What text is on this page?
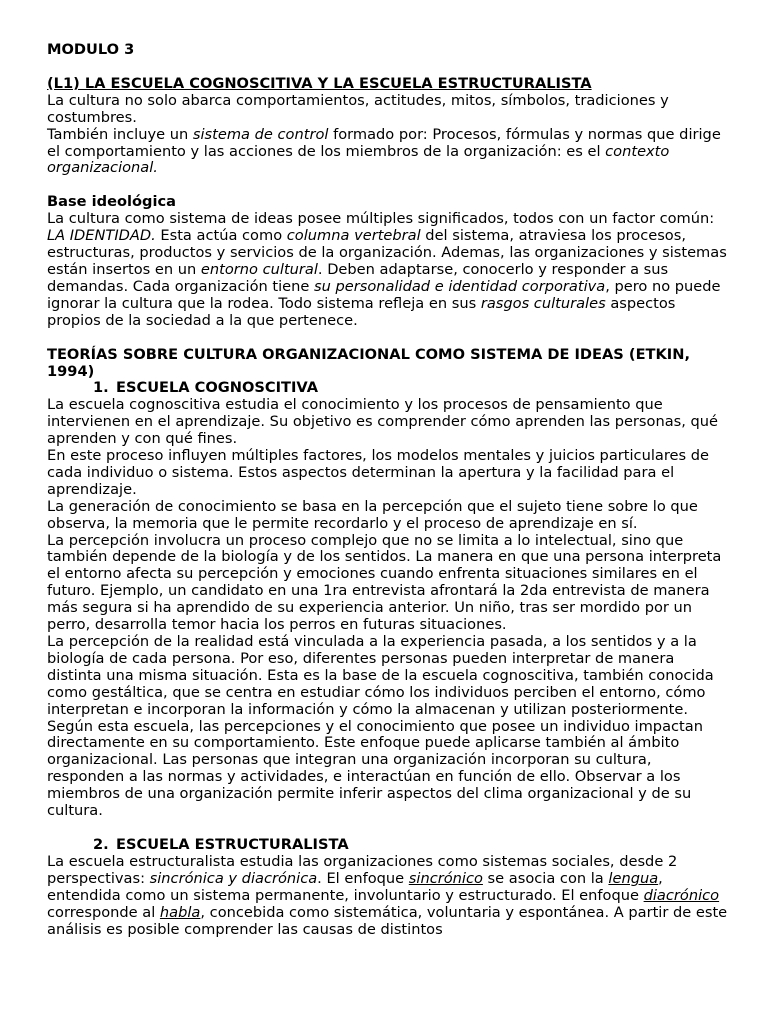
MODULO 3

(L1) LA ESCUELA COGNOSCITIVA Y LA ESCUELA ESTRUCTURALISTA

La cultura no solo abarca comportamientos, actitudes, mitos, símbolos, tradiciones y costumbres.

También incluye un sistema de control formado por: Procesos, fórmulas y normas que dirige el comportamiento y las acciones de los miembros de la organización: es el contexto organizacional.

Base ideológica

La cultura como sistema de ideas posee múltiples significados, todos con un factor común: LA IDENTIDAD. Esta actúa como columna vertebral del sistema, atraviesa los procesos, estructuras, productos y servicios de la organización. Ademas, las organizaciones y sistemas están insertos en un entorno cultural. Deben adaptarse, conocerlo y responder a sus demandas. Cada organización tiene su personalidad e identidad corporativa, pero no puede ignorar la cultura que la rodea. Todo sistema refleja en sus rasgos culturales aspectos propios de la sociedad a la que pertenece.

TEORÍAS SOBRE CULTURA ORGANIZACIONAL COMO SISTEMA DE IDEAS (ETKIN, 1994)

1. ESCUELA COGNOSCITIVA

La escuela cognoscitiva estudia el conocimiento y los procesos de pensamiento que intervienen en el aprendizaje. Su objetivo es comprender cómo aprenden las personas, qué aprenden y con qué fines.

En este proceso influyen múltiples factores, los modelos mentales y juicios particulares de cada individuo o sistema. Estos aspectos determinan la apertura y la facilidad para el aprendizaje.

La generación de conocimiento se basa en la percepción que el sujeto tiene sobre lo que observa, la memoria que le permite recordarlo y el proceso de aprendizaje en sí.

La percepción involucra un proceso complejo que no se limita a lo intelectual, sino que también depende de la biología y de los sentidos. La manera en que una persona interpreta el entorno afecta su percepción y emociones cuando enfrenta situaciones similares en el futuro. Ejemplo, un candidato en una 1ra entrevista afrontará la 2da entrevista de manera más segura si ha aprendido de su experiencia anterior. Un niño, tras ser mordido por un perro, desarrolla temor hacia los perros en futuras situaciones.

La percepción de la realidad está vinculada a la experiencia pasada, a los sentidos y a la biología de cada persona. Por eso, diferentes personas pueden interpretar de manera distinta una misma situación. Esta es la base de la escuela cognoscitiva, también conocida como gestáltica, que se centra en estudiar cómo los individuos perciben el entorno, cómo interpretan e incorporan la información y cómo la almacenan y utilizan posteriormente. Según esta escuela, las percepciones y el conocimiento que posee un individuo impactan directamente en su comportamiento. Este enfoque puede aplicarse también al ámbito organizacional. Las personas que integran una organización incorporan su cultura, responden a las normas y actividades, e interactúan en función de ello. Observar a los miembros de una organización permite inferir aspectos del clima organizacional y de su cultura.

2. ESCUELA ESTRUCTURALISTA

La escuela estructuralista estudia las organizaciones como sistemas sociales, desde 2 perspectivas: sincrónica y diacrónica. El enfoque sincrónico se asocia con la lengua, entendida como un sistema permanente, involuntario y estructurado. El enfoque diacrónico corresponde al habla, concebida como sistemática, voluntaria y espontánea. A partir de este análisis es posible comprender las causas de distintos
